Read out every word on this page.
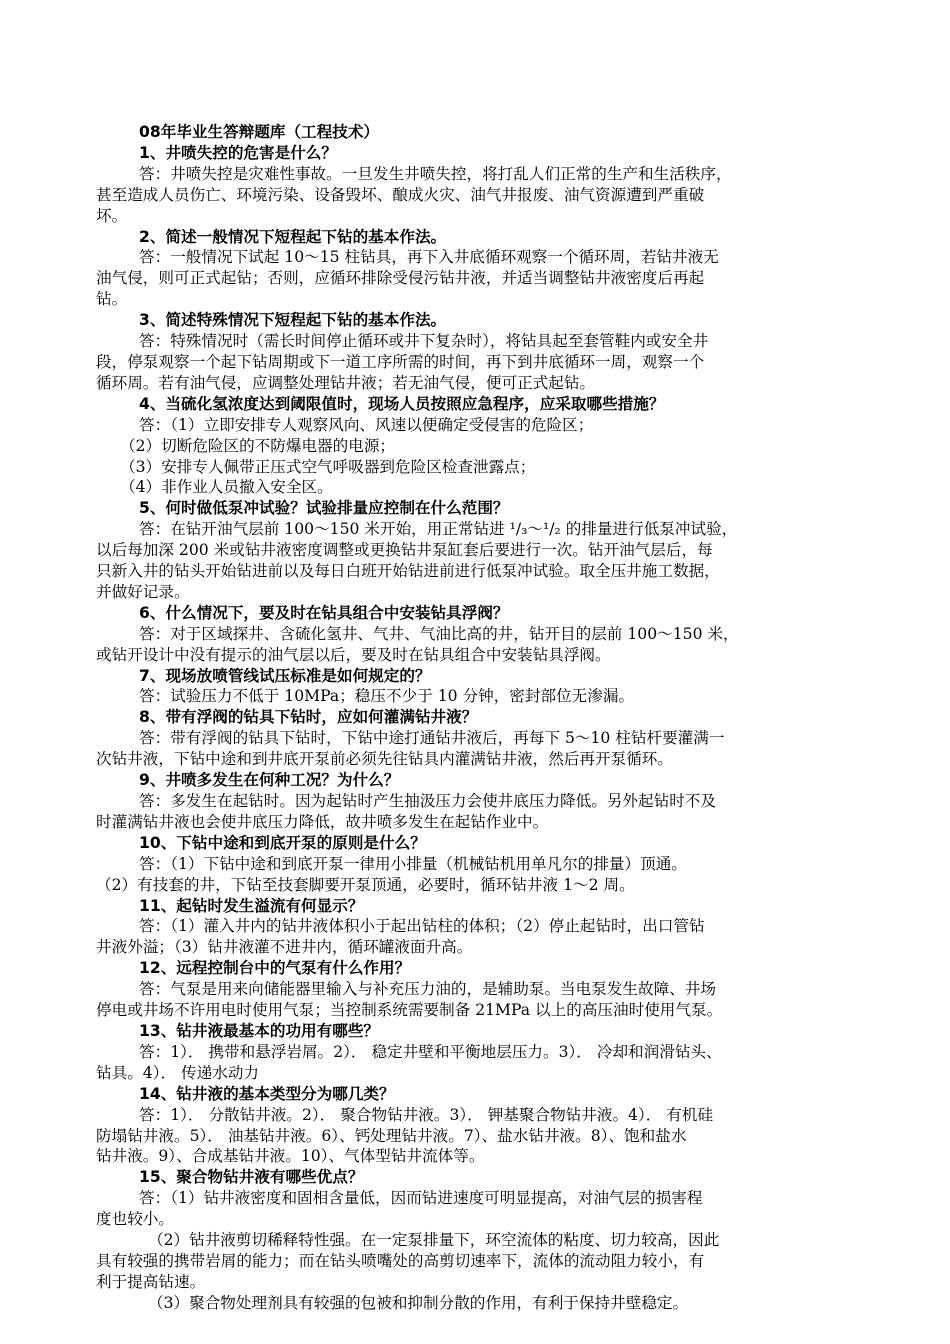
08年毕业生答辩题库（工程技术）
1、井喷失控的危害是什么？
答：井喷失控是灾难性事故。一旦发生井喷失控，将打乱人们正常的生产和生活秩序，
甚至造成人员伤亡、环境污染、设备毁坏、酿成火灾、油气井报废、油气资源遭到严重破
坏。
2、简述一般情况下短程起下钻的基本作法。
答：一般情况下试起 10～15 柱钻具，再下入井底循环观察一个循环周，若钻井液无
油气侵，则可正式起钻；否则，应循环排除受侵污钻井液，并适当调整钻井液密度后再起
钻。
3、简述特殊情况下短程起下钻的基本作法。
答：特殊情况时（需长时间停止循环或井下复杂时），将钻具起至套管鞋内或安全井
段，停泵观察一个起下钻周期或下一道工序所需的时间，再下到井底循环一周，观察一个
循环周。若有油气侵，应调整处理钻井液；若无油气侵，便可正式起钻。
4、当硫化氢浓度达到阈限值时，现场人员按照应急程序，应采取哪些措施？
答：（1）立即安排专人观察风向、风速以便确定受侵害的危险区；
（2）切断危险区的不防爆电器的电源；
（3）安排专人佩带正压式空气呼吸器到危险区检查泄露点；
（4）非作业人员撤入安全区。
5、何时做低泵冲试验？试验排量应控制在什么范围？
答：在钻开油气层前 100～150 米开始，用正常钻进 ¹/₃～¹/₂ 的排量进行低泵冲试验，
以后每加深 200 米或钻井液密度调整或更换钻井泵缸套后要进行一次。钻开油气层后，每
只新入井的钻头开始钻进前以及每日白班开始钻进前进行低泵冲试验。取全压井施工数据，
并做好记录。
6、什么情况下，要及时在钻具组合中安装钻具浮阀？
答：对于区域探井、含硫化氢井、气井、气油比高的井，钻开目的层前 100～150 米，
或钻开设计中没有提示的油气层以后，要及时在钻具组合中安装钻具浮阀。
7、现场放喷管线试压标准是如何规定的？
答：试验压力不低于 10MPa；稳压不少于 10 分钟，密封部位无渗漏。
8、带有浮阀的钻具下钻时，应如何灌满钻井液？
答：带有浮阀的钻具下钻时，下钻中途打通钻井液后，再每下 5～10 柱钻杆要灌满一
次钻井液，下钻中途和到井底开泵前必须先往钻具内灌满钻井液，然后再开泵循环。
9、井喷多发生在何种工况？为什么？
答：多发生在起钻时。因为起钻时产生抽汲压力会使井底压力降低。另外起钻时不及
时灌满钻井液也会使井底压力降低，故井喷多发生在起钻作业中。
10、下钻中途和到底开泵的原则是什么？
答：（1）下钻中途和到底开泵一律用小排量（机械钻机用单凡尔的排量）顶通。
（2）有技套的井，下钻至技套脚要开泵顶通，必要时，循环钻井液 1～2 周。
11、起钻时发生溢流有何显示？
答：（1）灌入井内的钻井液体积小于起出钻柱的体积；（2）停止起钻时，出口管钻
井液外溢；（3）钻井液灌不进井内，循环罐液面升高。
12、远程控制台中的气泵有什么作用？
答：气泵是用来向储能器里输入与补充压力油的，是辅助泵。当电泵发生故障、井场
停电或井场不许用电时使用气泵；当控制系统需要制备 21MPa 以上的高压油时使用气泵。
13、钻井液最基本的功用有哪些？
答：1）． 携带和悬浮岩屑。2）． 稳定井壁和平衡地层压力。3）． 冷却和润滑钻头、
钻具。4）． 传递水动力
14、钻井液的基本类型分为哪几类？
答：1）． 分散钻井液。2）． 聚合物钻井液。3）． 钾基聚合物钻井液。4）． 有机硅
防塌钻井液。5）． 油基钻井液。6）、钙处理钻井液。7）、盐水钻井液。8）、饱和盐水
钻井液。9）、合成基钻井液。10）、气体型钻井流体等。
15、聚合物钻井液有哪些优点？
答：（1）钻井液密度和固相含量低，因而钻进速度可明显提高，对油气层的损害程
度也较小。
（2）钻井液剪切稀释特性强。在一定泵排量下，环空流体的粘度、切力较高，因此
具有较强的携带岩屑的能力；而在钻头喷嘴处的高剪切速率下，流体的流动阻力较小，有
利于提高钻速。
（3）聚合物处理剂具有较强的包被和抑制分散的作用，有利于保持井壁稳定。
